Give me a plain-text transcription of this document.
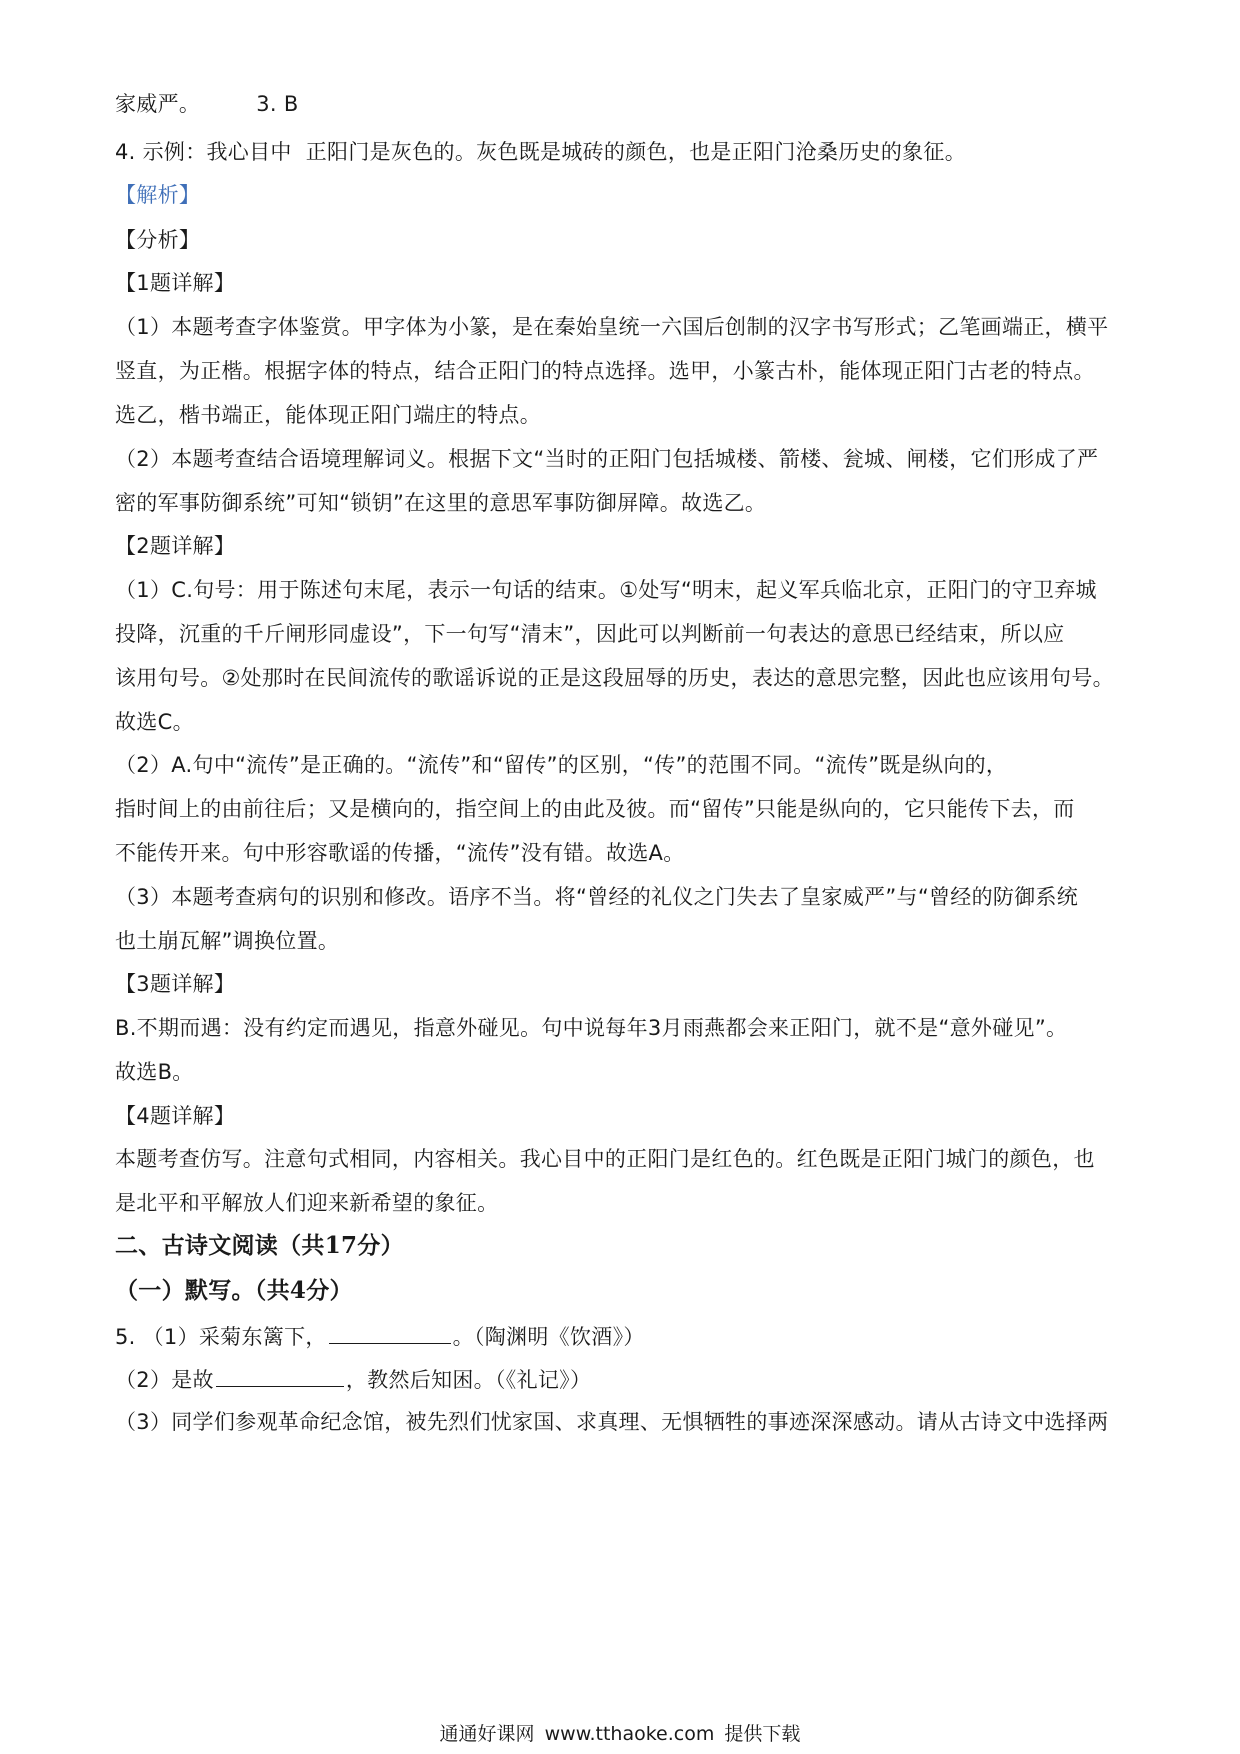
家威严。	3. B
4. 示例：我心目中 正阳门是灰色的。灰色既是城砖的颜色，也是正阳门沧桑历史的象征。
【解析】
【分析】
【1题详解】
（1）本题考查字体鉴赏。甲字体为小篆，是在秦始皇统一六国后创制的汉字书写形式；乙笔画端正，横平
竖直，为正楷。根据字体的特点，结合正阳门的特点选择。选甲，小篆古朴，能体现正阳门古老的特点。
选乙，楷书端正，能体现正阳门端庄的特点。
（2）本题考查结合语境理解词义。根据下文“当时的正阳门包括城楼、箭楼、瓮城、闸楼，它们形成了严
密的军事防御系统”可知“锁钥”在这里的意思军事防御屏障。故选乙。
【2题详解】
（1）C.句号：用于陈述句末尾，表示一句话的结束。①处写“明末，起义军兵临北京，正阳门的守卫弃城
投降，沉重的千斤闸形同虚设”，下一句写“清末”，因此可以判断前一句表达的意思已经结束，所以应
该用句号。②处那时在民间流传的歌谣诉说的正是这段屈辱的历史，表达的意思完整，因此也应该用句号。
故选C。
（2）A.句中“流传”是正确的。“流传”和“留传”的区别，“传”的范围不同。“流传”既是纵向的，
指时间上的由前往后；又是横向的，指空间上的由此及彼。而“留传”只能是纵向的，它只能传下去，而
不能传开来。句中形容歌谣的传播，“流传”没有错。故选A。
（3）本题考查病句的识别和修改。语序不当。将“曾经的礼仪之门失去了皇家威严”与“曾经的防御系统
也土崩瓦解”调换位置。
【3题详解】
B.不期而遇：没有约定而遇见，指意外碰见。句中说每年3月雨燕都会来正阳门，就不是“意外碰见”。
故选B。
【4题详解】
本题考查仿写。注意句式相同，内容相关。我心目中的正阳门是红色的。红色既是正阳门城门的颜色，也
是北平和平解放人们迎来新希望的象征。
二、古诗文阅读（共17分）
（一）默写。（共4分）
5. （1）采菊东篱下，	。（陶渊明《饮酒》）
（2）是故	，教然后知困。（《礼记》）
（3）同学们参观革命纪念馆，被先烈们忧家国、求真理、无惧牺牲的事迹深深感动。请从古诗文中选择两
通通好课网 www.tthaoke.com 提供下载
